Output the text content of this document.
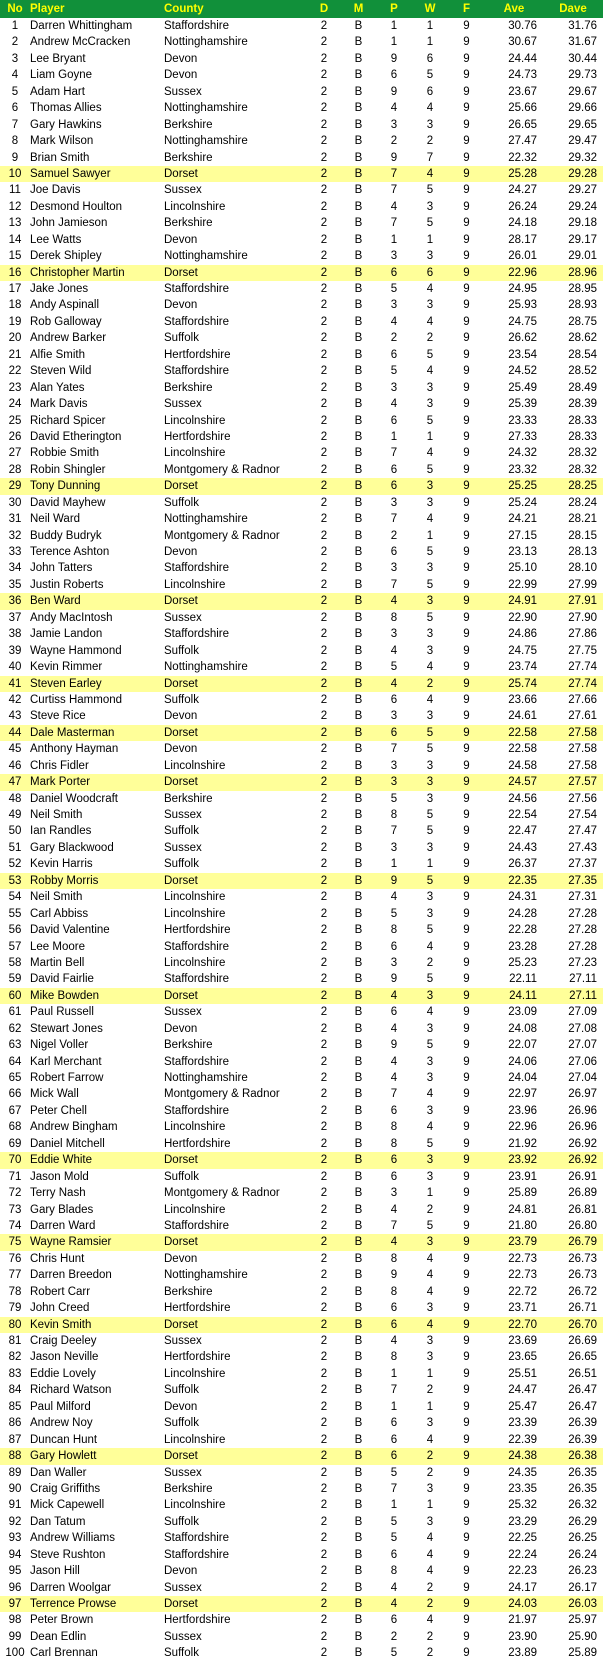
No	Player	County	D	M	P	W	F	Ave	Dave
1	Darren Whittingham	Staffordshire	2	B	1	1	9	30.76	31.76
2	Andrew McCracken	Nottinghamshire	2	B	1	1	9	30.67	31.67
3	Lee Bryant	Devon	2	B	9	6	9	24.44	30.44
4	Liam Goyne	Devon	2	B	6	5	9	24.73	29.73
5	Adam Hart	Sussex	2	B	9	6	9	23.67	29.67
6	Thomas Allies	Nottinghamshire	2	B	4	4	9	25.66	29.66
7	Gary Hawkins	Berkshire	2	B	3	3	9	26.65	29.65
8	Mark Wilson	Nottinghamshire	2	B	2	2	9	27.47	29.47
9	Brian Smith	Berkshire	2	B	9	7	9	22.32	29.32
10	Samuel Sawyer	Dorset	2	B	7	4	9	25.28	29.28
11	Joe Davis	Sussex	2	B	7	5	9	24.27	29.27
12	Desmond Houlton	Lincolnshire	2	B	4	3	9	26.24	29.24
13	John Jamieson	Berkshire	2	B	7	5	9	24.18	29.18
14	Lee Watts	Devon	2	B	1	1	9	28.17	29.17
15	Derek Shipley	Nottinghamshire	2	B	3	3	9	26.01	29.01
16	Christopher Martin	Dorset	2	B	6	6	9	22.96	28.96
17	Jake Jones	Staffordshire	2	B	5	4	9	24.95	28.95
18	Andy Aspinall	Devon	2	B	3	3	9	25.93	28.93
19	Rob Galloway	Staffordshire	2	B	4	4	9	24.75	28.75
20	Andrew Barker	Suffolk	2	B	2	2	9	26.62	28.62
21	Alfie Smith	Hertfordshire	2	B	6	5	9	23.54	28.54
22	Steven Wild	Staffordshire	2	B	5	4	9	24.52	28.52
23	Alan Yates	Berkshire	2	B	3	3	9	25.49	28.49
24	Mark Davis	Sussex	2	B	4	3	9	25.39	28.39
25	Richard Spicer	Lincolnshire	2	B	6	5	9	23.33	28.33
26	David Etherington	Hertfordshire	2	B	1	1	9	27.33	28.33
27	Robbie Smith	Lincolnshire	2	B	7	4	9	24.32	28.32
28	Robin Shingler	Montgomery & Radnor	2	B	6	5	9	23.32	28.32
29	Tony Dunning	Dorset	2	B	6	3	9	25.25	28.25
30	David Mayhew	Suffolk	2	B	3	3	9	25.24	28.24
31	Neil Ward	Nottinghamshire	2	B	7	4	9	24.21	28.21
32	Buddy Budryk	Montgomery & Radnor	2	B	2	1	9	27.15	28.15
33	Terence Ashton	Devon	2	B	6	5	9	23.13	28.13
34	John Tatters	Staffordshire	2	B	3	3	9	25.10	28.10
35	Justin Roberts	Lincolnshire	2	B	7	5	9	22.99	27.99
36	Ben Ward	Dorset	2	B	4	3	9	24.91	27.91
37	Andy MacIntosh	Sussex	2	B	8	5	9	22.90	27.90
38	Jamie Landon	Staffordshire	2	B	3	3	9	24.86	27.86
39	Wayne Hammond	Suffolk	2	B	4	3	9	24.75	27.75
40	Kevin Rimmer	Nottinghamshire	2	B	5	4	9	23.74	27.74
41	Steven Earley	Dorset	2	B	4	2	9	25.74	27.74
42	Curtiss Hammond	Suffolk	2	B	6	4	9	23.66	27.66
43	Steve Rice	Devon	2	B	3	3	9	24.61	27.61
44	Dale Masterman	Dorset	2	B	6	5	9	22.58	27.58
45	Anthony Hayman	Devon	2	B	7	5	9	22.58	27.58
46	Chris Fidler	Lincolnshire	2	B	3	3	9	24.58	27.58
47	Mark Porter	Dorset	2	B	3	3	9	24.57	27.57
48	Daniel Woodcraft	Berkshire	2	B	5	3	9	24.56	27.56
49	Neil Smith	Sussex	2	B	8	5	9	22.54	27.54
50	Ian Randles	Suffolk	2	B	7	5	9	22.47	27.47
51	Gary Blackwood	Sussex	2	B	3	3	9	24.43	27.43
52	Kevin Harris	Suffolk	2	B	1	1	9	26.37	27.37
53	Robby Morris	Dorset	2	B	9	5	9	22.35	27.35
54	Neil Smith	Lincolnshire	2	B	4	3	9	24.31	27.31
55	Carl Abbiss	Lincolnshire	2	B	5	3	9	24.28	27.28
56	David Valentine	Hertfordshire	2	B	8	5	9	22.28	27.28
57	Lee Moore	Staffordshire	2	B	6	4	9	23.28	27.28
58	Martin Bell	Lincolnshire	2	B	3	2	9	25.23	27.23
59	David Fairlie	Staffordshire	2	B	9	5	9	22.11	27.11
60	Mike Bowden	Dorset	2	B	4	3	9	24.11	27.11
61	Paul Russell	Sussex	2	B	6	4	9	23.09	27.09
62	Stewart Jones	Devon	2	B	4	3	9	24.08	27.08
63	Nigel Voller	Berkshire	2	B	9	5	9	22.07	27.07
64	Karl Merchant	Staffordshire	2	B	4	3	9	24.06	27.06
65	Robert Farrow	Nottinghamshire	2	B	4	3	9	24.04	27.04
66	Mick Wall	Montgomery & Radnor	2	B	7	4	9	22.97	26.97
67	Peter Chell	Staffordshire	2	B	6	3	9	23.96	26.96
68	Andrew Bingham	Lincolnshire	2	B	8	4	9	22.96	26.96
69	Daniel Mitchell	Hertfordshire	2	B	8	5	9	21.92	26.92
70	Eddie White	Dorset	2	B	6	3	9	23.92	26.92
71	Jason Mold	Suffolk	2	B	6	3	9	23.91	26.91
72	Terry Nash	Montgomery & Radnor	2	B	3	1	9	25.89	26.89
73	Gary Blades	Lincolnshire	2	B	4	2	9	24.81	26.81
74	Darren Ward	Staffordshire	2	B	7	5	9	21.80	26.80
75	Wayne Ramsier	Dorset	2	B	4	3	9	23.79	26.79
76	Chris Hunt	Devon	2	B	8	4	9	22.73	26.73
77	Darren Breedon	Nottinghamshire	2	B	9	4	9	22.73	26.73
78	Robert Carr	Berkshire	2	B	8	4	9	22.72	26.72
79	John Creed	Hertfordshire	2	B	6	3	9	23.71	26.71
80	Kevin Smith	Dorset	2	B	6	4	9	22.70	26.70
81	Craig Deeley	Sussex	2	B	4	3	9	23.69	26.69
82	Jason Neville	Hertfordshire	2	B	8	3	9	23.65	26.65
83	Eddie Lovely	Lincolnshire	2	B	1	1	9	25.51	26.51
84	Richard Watson	Suffolk	2	B	7	2	9	24.47	26.47
85	Paul Milford	Devon	2	B	1	1	9	25.47	26.47
86	Andrew Noy	Suffolk	2	B	6	3	9	23.39	26.39
87	Duncan Hunt	Lincolnshire	2	B	6	4	9	22.39	26.39
88	Gary Howlett	Dorset	2	B	6	2	9	24.38	26.38
89	Dan Waller	Sussex	2	B	5	2	9	24.35	26.35
90	Craig Griffiths	Berkshire	2	B	7	3	9	23.35	26.35
91	Mick Capewell	Lincolnshire	2	B	1	1	9	25.32	26.32
92	Dan Tatum	Suffolk	2	B	5	3	9	23.29	26.29
93	Andrew Williams	Staffordshire	2	B	5	4	9	22.25	26.25
94	Steve Rushton	Staffordshire	2	B	6	4	9	22.24	26.24
95	Jason Hill	Devon	2	B	8	4	9	22.23	26.23
96	Darren Woolgar	Sussex	2	B	4	2	9	24.17	26.17
97	Terrence Prowse	Dorset	2	B	4	2	9	24.03	26.03
98	Peter Brown	Hertfordshire	2	B	6	4	9	21.97	25.97
99	Dean Edlin	Sussex	2	B	2	2	9	23.90	25.90
100	Carl Brennan	Suffolk	2	B	5	2	9	23.89	25.89
